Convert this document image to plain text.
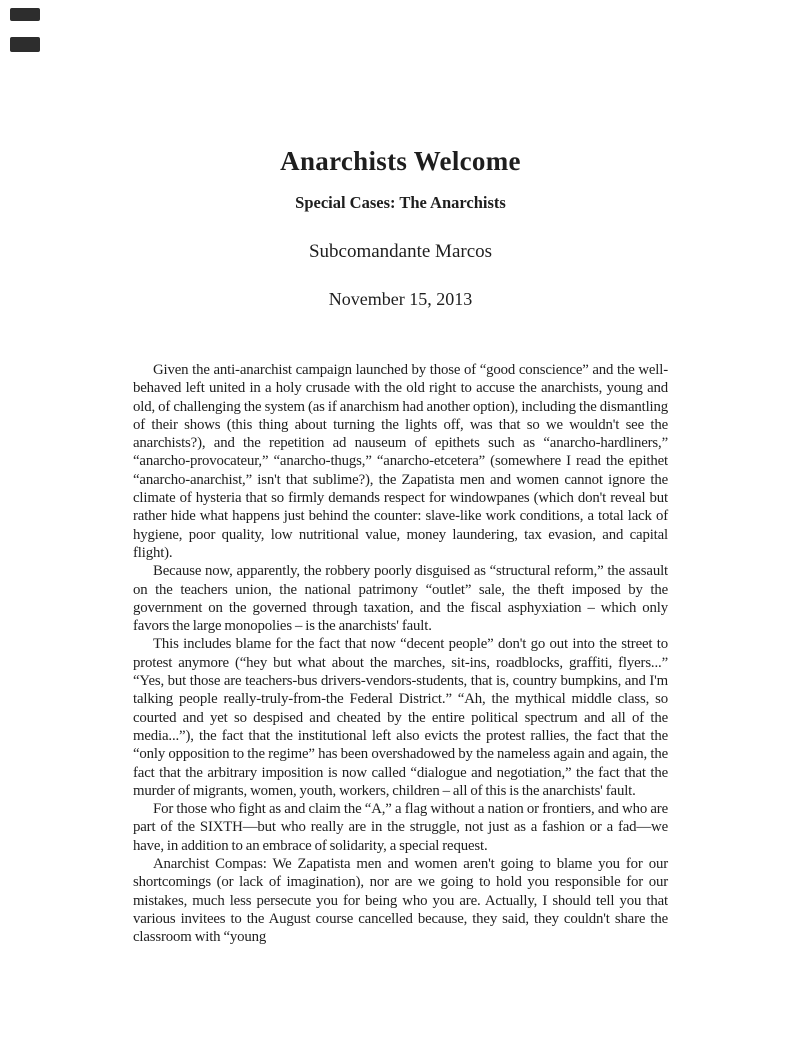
Anarchists Welcome
Special Cases: The Anarchists
Subcomandante Marcos
November 15, 2013

Given the anti-anarchist campaign launched by those of “good conscience” and the well-behaved left united in a holy crusade with the old right to accuse the anarchists, young and old, of challenging the system (as if anarchism had another option), including the dismantling of their shows (this thing about turning the lights off, was that so we wouldn't see the anarchists?), and the repetition ad nauseum of epithets such as “anarcho-hardliners,” “anarcho-provocateur,” “anarcho-thugs,” “anarcho-etcetera” (somewhere I read the epithet “anarcho-anarchist,” isn't that sublime?), the Zapatista men and women cannot ignore the climate of hysteria that so firmly demands respect for windowpanes (which don't reveal but rather hide what happens just behind the counter: slave-like work conditions, a total lack of hygiene, poor quality, low nutritional value, money laundering, tax evasion, and capital flight).

Because now, apparently, the robbery poorly disguised as “structural reform,” the assault on the teachers union, the national patrimony “outlet” sale, the theft imposed by the government on the governed through taxation, and the fiscal asphyxiation – which only favors the large monopolies – is the anarchists' fault.

This includes blame for the fact that now “decent people” don't go out into the street to protest anymore (“hey but what about the marches, sit-ins, roadblocks, graffiti, flyers...” “Yes, but those are teachers-bus drivers-vendors-students, that is, country bumpkins, and I'm talking people really-truly-from-the Federal District.” “Ah, the mythical middle class, so courted and yet so despised and cheated by the entire political spectrum and all of the media...”), the fact that the institutional left also evicts the protest rallies, the fact that the “only opposition to the regime” has been overshadowed by the nameless again and again, the fact that the arbitrary imposition is now called “dialogue and negotiation,” the fact that the murder of migrants, women, youth, workers, children – all of this is the anarchists' fault.

For those who fight as and claim the “A,” a flag without a nation or frontiers, and who are part of the SIXTH—but who really are in the struggle, not just as a fashion or a fad—we have, in addition to an embrace of solidarity, a special request.

Anarchist Compas: We Zapatista men and women aren't going to blame you for our shortcomings (or lack of imagination), nor are we going to hold you responsible for our mistakes, much less persecute you for being who you are. Actually, I should tell you that various invitees to the August course cancelled because, they said, they couldn't share the classroom with “young
